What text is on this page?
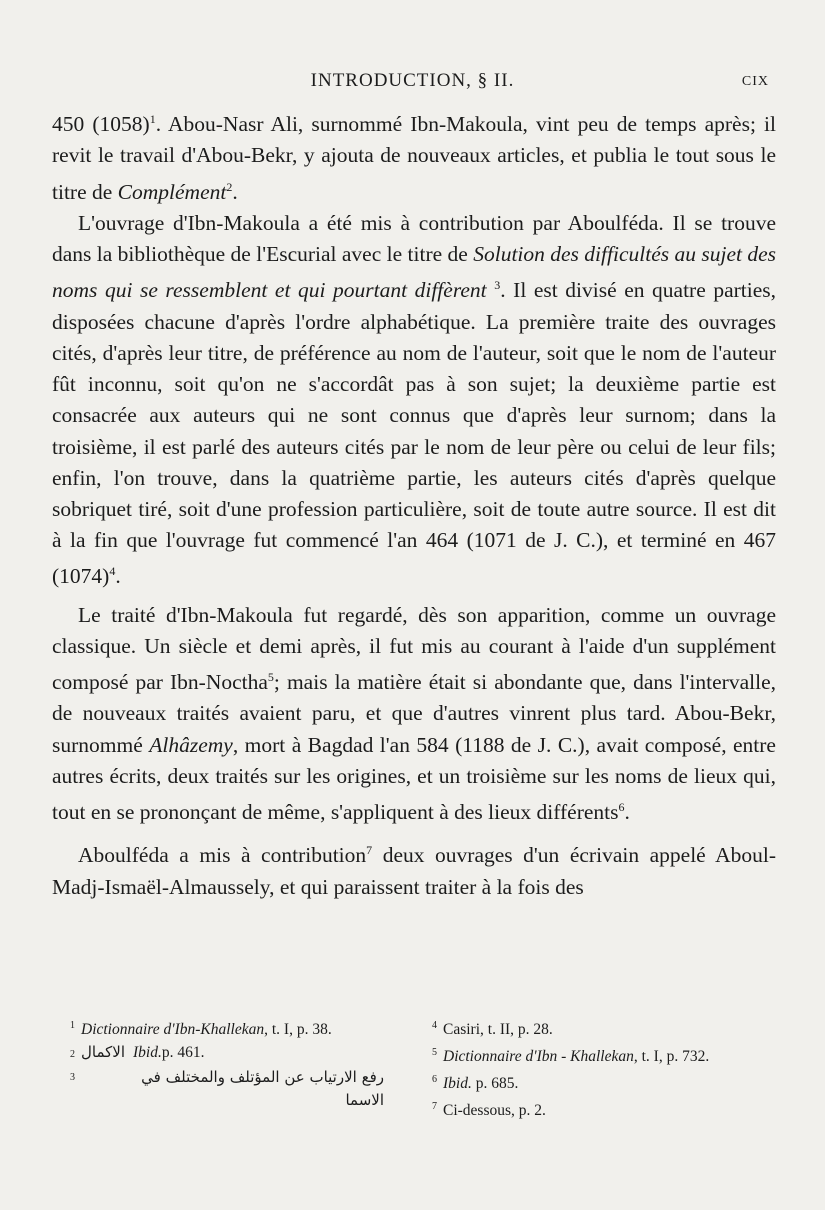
INTRODUCTION, § II.	CIX

450 $(1058)^1$. Abou-Nasr Ali, surnommé Ibn-Makoula, vint peu de temps après; il revit le travail d'Abou-Bekr, y ajouta de nouveaux articles, et publia le tout sous le titre de Complément$^2$.

L'ouvrage d'Ibn-Makoula a été mis à contribution par Aboulféda. Il se trouve dans la bibliothèque de l'Escurial avec le titre de Solution des difficultés au sujet des noms qui se ressemblent et qui pourtant diffèrent $^3$. Il est divisé en quatre parties, disposées chacune d'après l'ordre alphabétique. La première traite des ouvrages cités, d'après leur titre, de préférence au nom de l'auteur, soit que le nom de l'auteur fût inconnu, soit qu'on ne s'accordât pas à son sujet; la deuxième partie est consacrée aux auteurs qui ne sont connus que d'après leur surnom; dans la troisième, il est parlé des auteurs cités par le nom de leur père ou celui de leur fils; enfin, l'on trouve, dans la quatrième partie, les auteurs cités d'après quelque sobriquet tiré, soit d'une profession particulière, soit de toute autre source. Il est dit à la fin que l'ouvrage fut commencé l'an 464 (1071 de J. C.), et terminé en 467 $(1074)^4$.

Le traité d'Ibn-Makoula fut regardé, dès son apparition, comme un ouvrage classique. Un siècle et demi après, il fut mis au courant à l'aide d'un supplément composé par Ibn-Noctha$^5$; mais la matière était si abondante que, dans l'intervalle, de nouveaux traités avaient paru, et que d'autres vinrent plus tard. Abou-Bekr, surnommé Alhâzemy, mort à Bagdad l'an 584 (1188 de J. C.), avait composé, entre autres écrits, deux traités sur les origines, et un troisième sur les noms de lieux qui, tout en se prononçant de même, s'appliquent à des lieux différents$^6$.

Aboulféda a mis à contribution$^7$ deux ouvrages d'un écrivain appelé Aboul-Madj-Ismaël-Almaussely, et qui paraissent traiter à la fois des

$^1$ Dictionnaire d'Ibn-Khallekan, t. I, p. 38.

2 الاكمال Ibid. p. 461.

3	رفع الارتياب عن المؤتلف والمختلف في
الاسما

$^4$ Casiri, t. II, p. 28.

$^5$ Dictionnaire d'Ibn - Khallekan, t. I, p. 732.

$^6$ Ibid. p. 685.

$^7$ Ci-dessous, p. 2.
